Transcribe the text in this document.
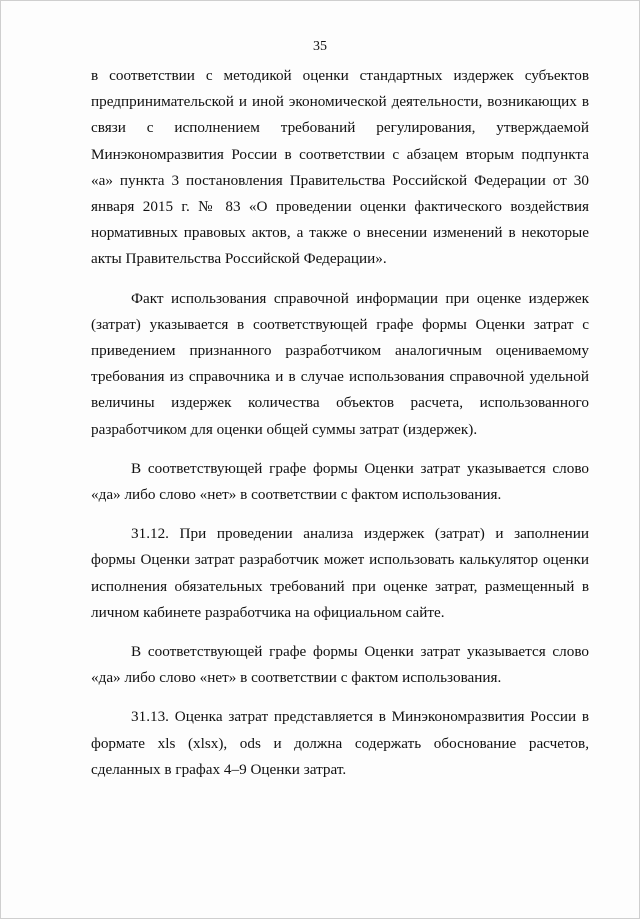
35

в соответствии с методикой оценки стандартных издержек субъектов предпринимательской и иной экономической деятельности, возникающих в связи с исполнением требований регулирования, утверждаемой Минэкономразвития России в соответствии с абзацем вторым подпункта «а» пункта 3 постановления Правительства Российской Федерации от 30 января 2015 г. № 83 «О проведении оценки фактического воздействия нормативных правовых актов, а также о внесении изменений в некоторые акты Правительства Российской Федерации».

Факт использования справочной информации при оценке издержек (затрат) указывается в соответствующей графе формы Оценки затрат с приведением признанного разработчиком аналогичным оцениваемому требования из справочника и в случае использования справочной удельной величины издержек количества объектов расчета, использованного разработчиком для оценки общей суммы затрат (издержек).

В соответствующей графе формы Оценки затрат указывается слово «да» либо слово «нет» в соответствии с фактом использования.

31.12. При проведении анализа издержек (затрат) и заполнении формы Оценки затрат разработчик может использовать калькулятор оценки исполнения обязательных требований при оценке затрат, размещенный в личном кабинете разработчика на официальном сайте.

В соответствующей графе формы Оценки затрат указывается слово «да» либо слово «нет» в соответствии с фактом использования.

31.13. Оценка затрат представляется в Минэкономразвития России в формате xls (xlsx), ods и должна содержать обоснование расчетов, сделанных в графах 4–9 Оценки затрат.
